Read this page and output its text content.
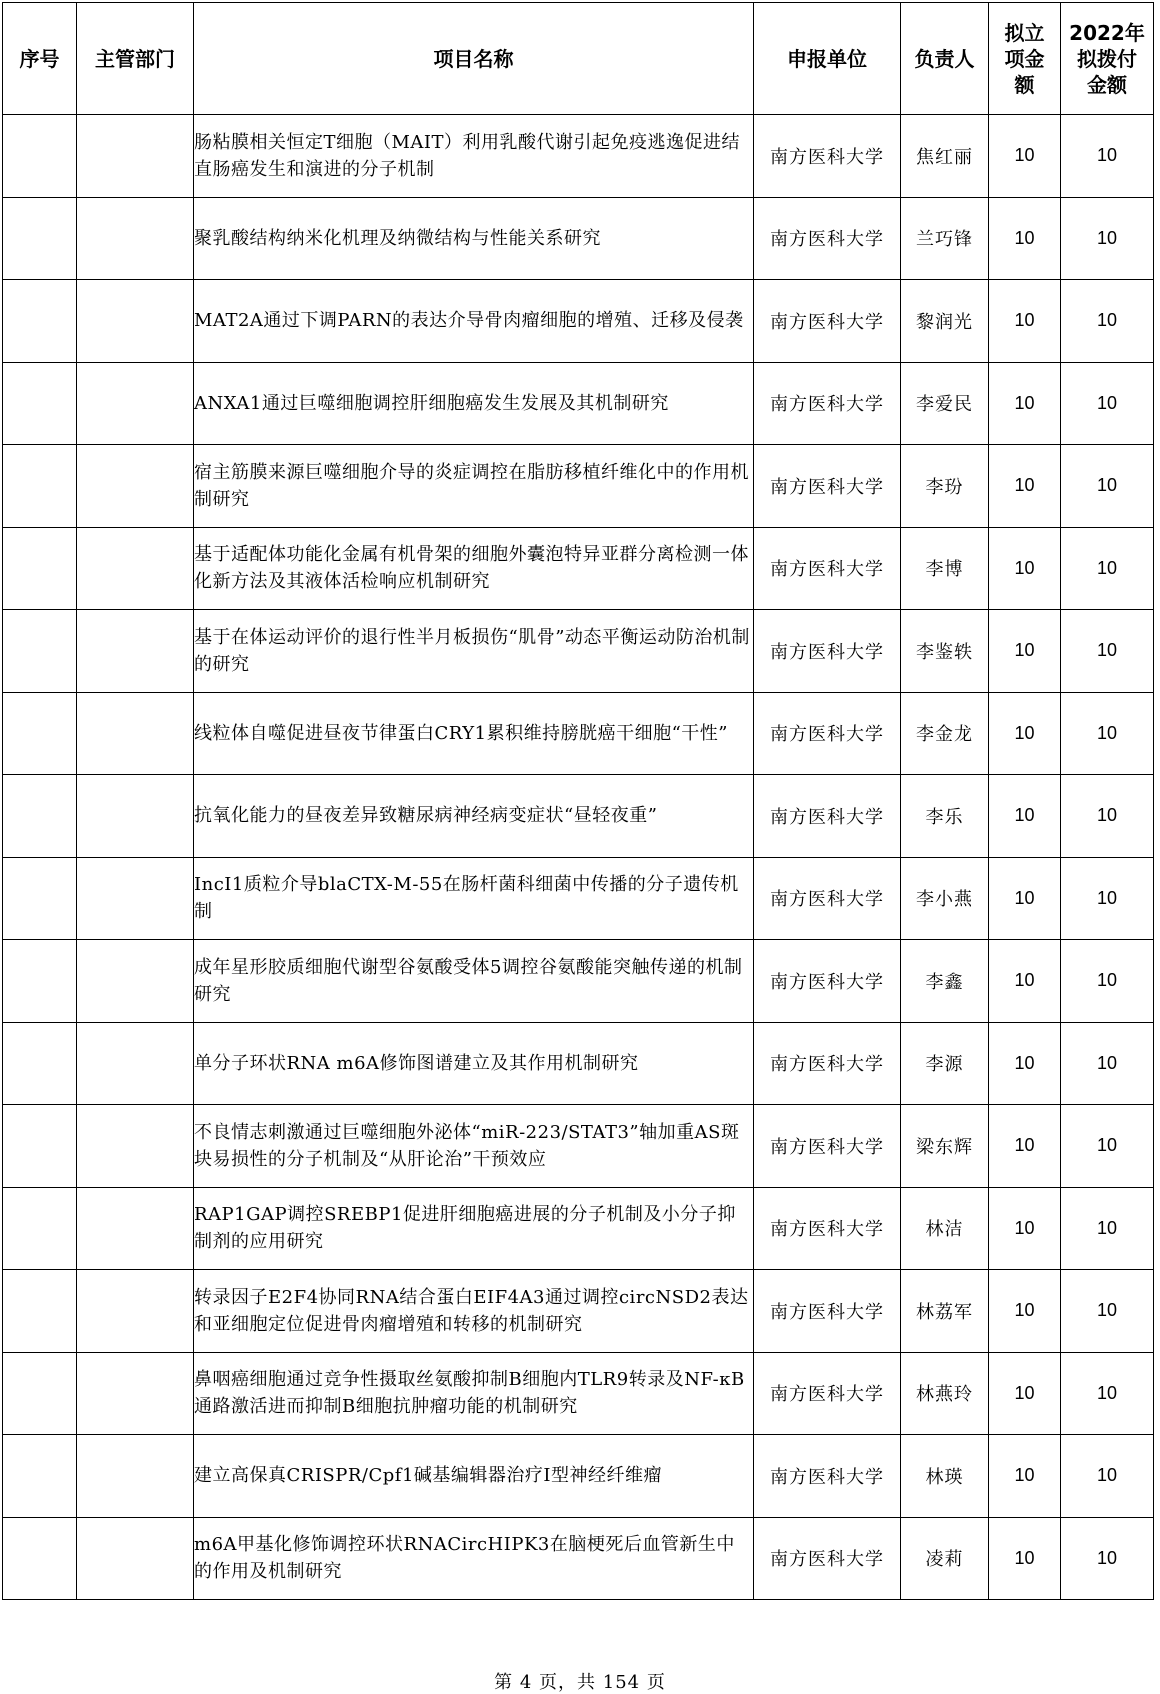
序号	主管部门	项目名称	申报单位	负责人	拟立项金额	2022年拟拨付金额
		肠粘膜相关恒定T细胞（MAIT）利用乳酸代谢引起免疫逃逸促进结直肠癌发生和演进的分子机制	南方医科大学	焦红丽	10	10
		聚乳酸结构纳米化机理及纳微结构与性能关系研究	南方医科大学	兰巧锋	10	10
		MAT2A通过下调PARN的表达介导骨肉瘤细胞的增殖、迁移及侵袭	南方医科大学	黎润光	10	10
		ANXA1通过巨噬细胞调控肝细胞癌发生发展及其机制研究	南方医科大学	李爱民	10	10
		宿主筋膜来源巨噬细胞介导的炎症调控在脂肪移植纤维化中的作用机制研究	南方医科大学	李玢	10	10
		基于适配体功能化金属有机骨架的细胞外囊泡特异亚群分离检测一体化新方法及其液体活检响应机制研究	南方医科大学	李博	10	10
		基于在体运动评价的退行性半月板损伤“肌骨”动态平衡运动防治机制的研究	南方医科大学	李鉴轶	10	10
		线粒体自噬促进昼夜节律蛋白CRY1累积维持膀胱癌干细胞“干性”	南方医科大学	李金龙	10	10
		抗氧化能力的昼夜差异致糖尿病神经病变症状“昼轻夜重”	南方医科大学	李乐	10	10
		IncI1质粒介导blaCTX-M-55在肠杆菌科细菌中传播的分子遗传机制	南方医科大学	李小燕	10	10
		成年星形胶质细胞代谢型谷氨酸受体5调控谷氨酸能突触传递的机制研究	南方医科大学	李鑫	10	10
		单分子环状RNA m6A修饰图谱建立及其作用机制研究	南方医科大学	李源	10	10
		不良情志刺激通过巨噬细胞外泌体“miR-223/STAT3”轴加重AS斑块易损性的分子机制及“从肝论治”干预效应	南方医科大学	梁东辉	10	10
		RAP1GAP调控SREBP1促进肝细胞癌进展的分子机制及小分子抑制剂的应用研究	南方医科大学	林洁	10	10
		转录因子E2F4协同RNA结合蛋白EIF4A3通过调控circNSD2表达和亚细胞定位促进骨肉瘤增殖和转移的机制研究	南方医科大学	林荔军	10	10
		鼻咽癌细胞通过竞争性摄取丝氨酸抑制B细胞内TLR9转录及NF-κB通路激活进而抑制B细胞抗肿瘤功能的机制研究	南方医科大学	林燕玲	10	10
		建立高保真CRISPR/Cpf1碱基编辑器治疗I型神经纤维瘤	南方医科大学	林瑛	10	10
		m6A甲基化修饰调控环状RNACircHIPK3在脑梗死后血管新生中的作用及机制研究	南方医科大学	凌莉	10	10
第 4 页，共 154 页
